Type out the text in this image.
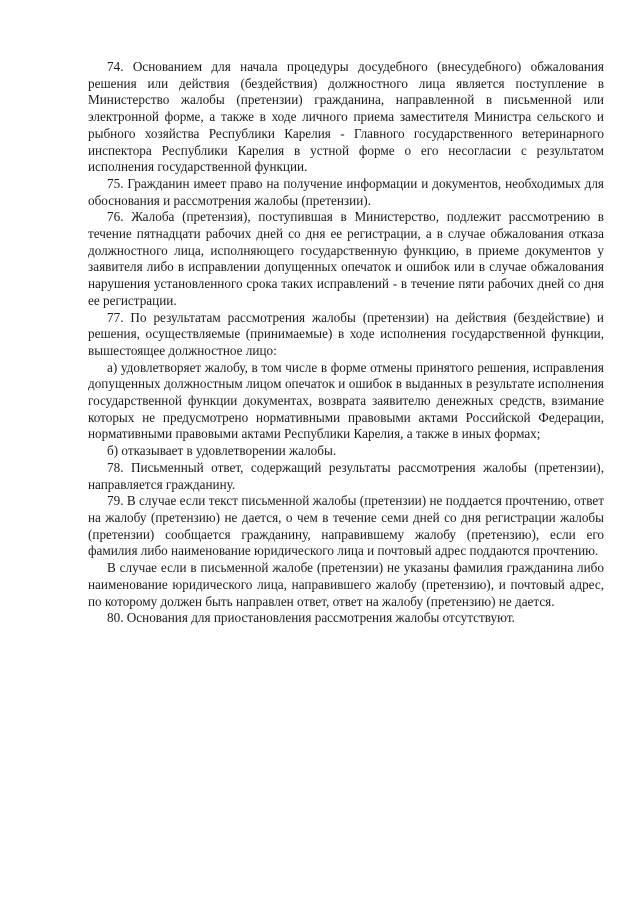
74. Основанием для начала процедуры досудебного (внесудебного) обжалования решения или действия (бездействия) должностного лица является поступление в Министерство жалобы (претензии) гражданина, направленной в письменной или электронной форме, а также в ходе личного приема заместителя Министра сельского и рыбного хозяйства Республики Карелия - Главного государственного ветеринарного инспектора Республики Карелия в устной форме о его несогласии с результатом исполнения государственной функции.

75. Гражданин имеет право на получение информации и документов, необходимых для обоснования и рассмотрения жалобы (претензии).

76. Жалоба (претензия), поступившая в Министерство, подлежит рассмотрению в течение пятнадцати рабочих дней со дня ее регистрации, а в случае обжалования отказа должностного лица, исполняющего государственную функцию, в приеме документов у заявителя либо в исправлении допущенных опечаток и ошибок или в случае обжалования нарушения установленного срока таких исправлений - в течение пяти рабочих дней со дня ее регистрации.

77. По результатам рассмотрения жалобы (претензии) на действия (бездействие) и решения, осуществляемые (принимаемые) в ходе исполнения государственной функции, вышестоящее должностное лицо:

а) удовлетворяет жалобу, в том числе в форме отмены принятого решения, исправления допущенных должностным лицом опечаток и ошибок в выданных в результате исполнения государственной функции документах, возврата заявителю денежных средств, взимание которых не предусмотрено нормативными правовыми актами Российской Федерации, нормативными правовыми актами Республики Карелия, а также в иных формах;

б) отказывает в удовлетворении жалобы.

78. Письменный ответ, содержащий результаты рассмотрения жалобы (претензии), направляется гражданину.

79. В случае если текст письменной жалобы (претензии) не поддается прочтению, ответ на жалобу (претензию) не дается, о чем в течение семи дней со дня регистрации жалобы (претензии) сообщается гражданину, направившему жалобу (претензию), если его фамилия либо наименование юридического лица и почтовый адрес поддаются прочтению.

В случае если в письменной жалобе (претензии) не указаны фамилия гражданина либо наименование юридического лица, направившего жалобу (претензию), и почтовый адрес, по которому должен быть направлен ответ, ответ на жалобу (претензию) не дается.

80. Основания для приостановления рассмотрения жалобы отсутствуют.
